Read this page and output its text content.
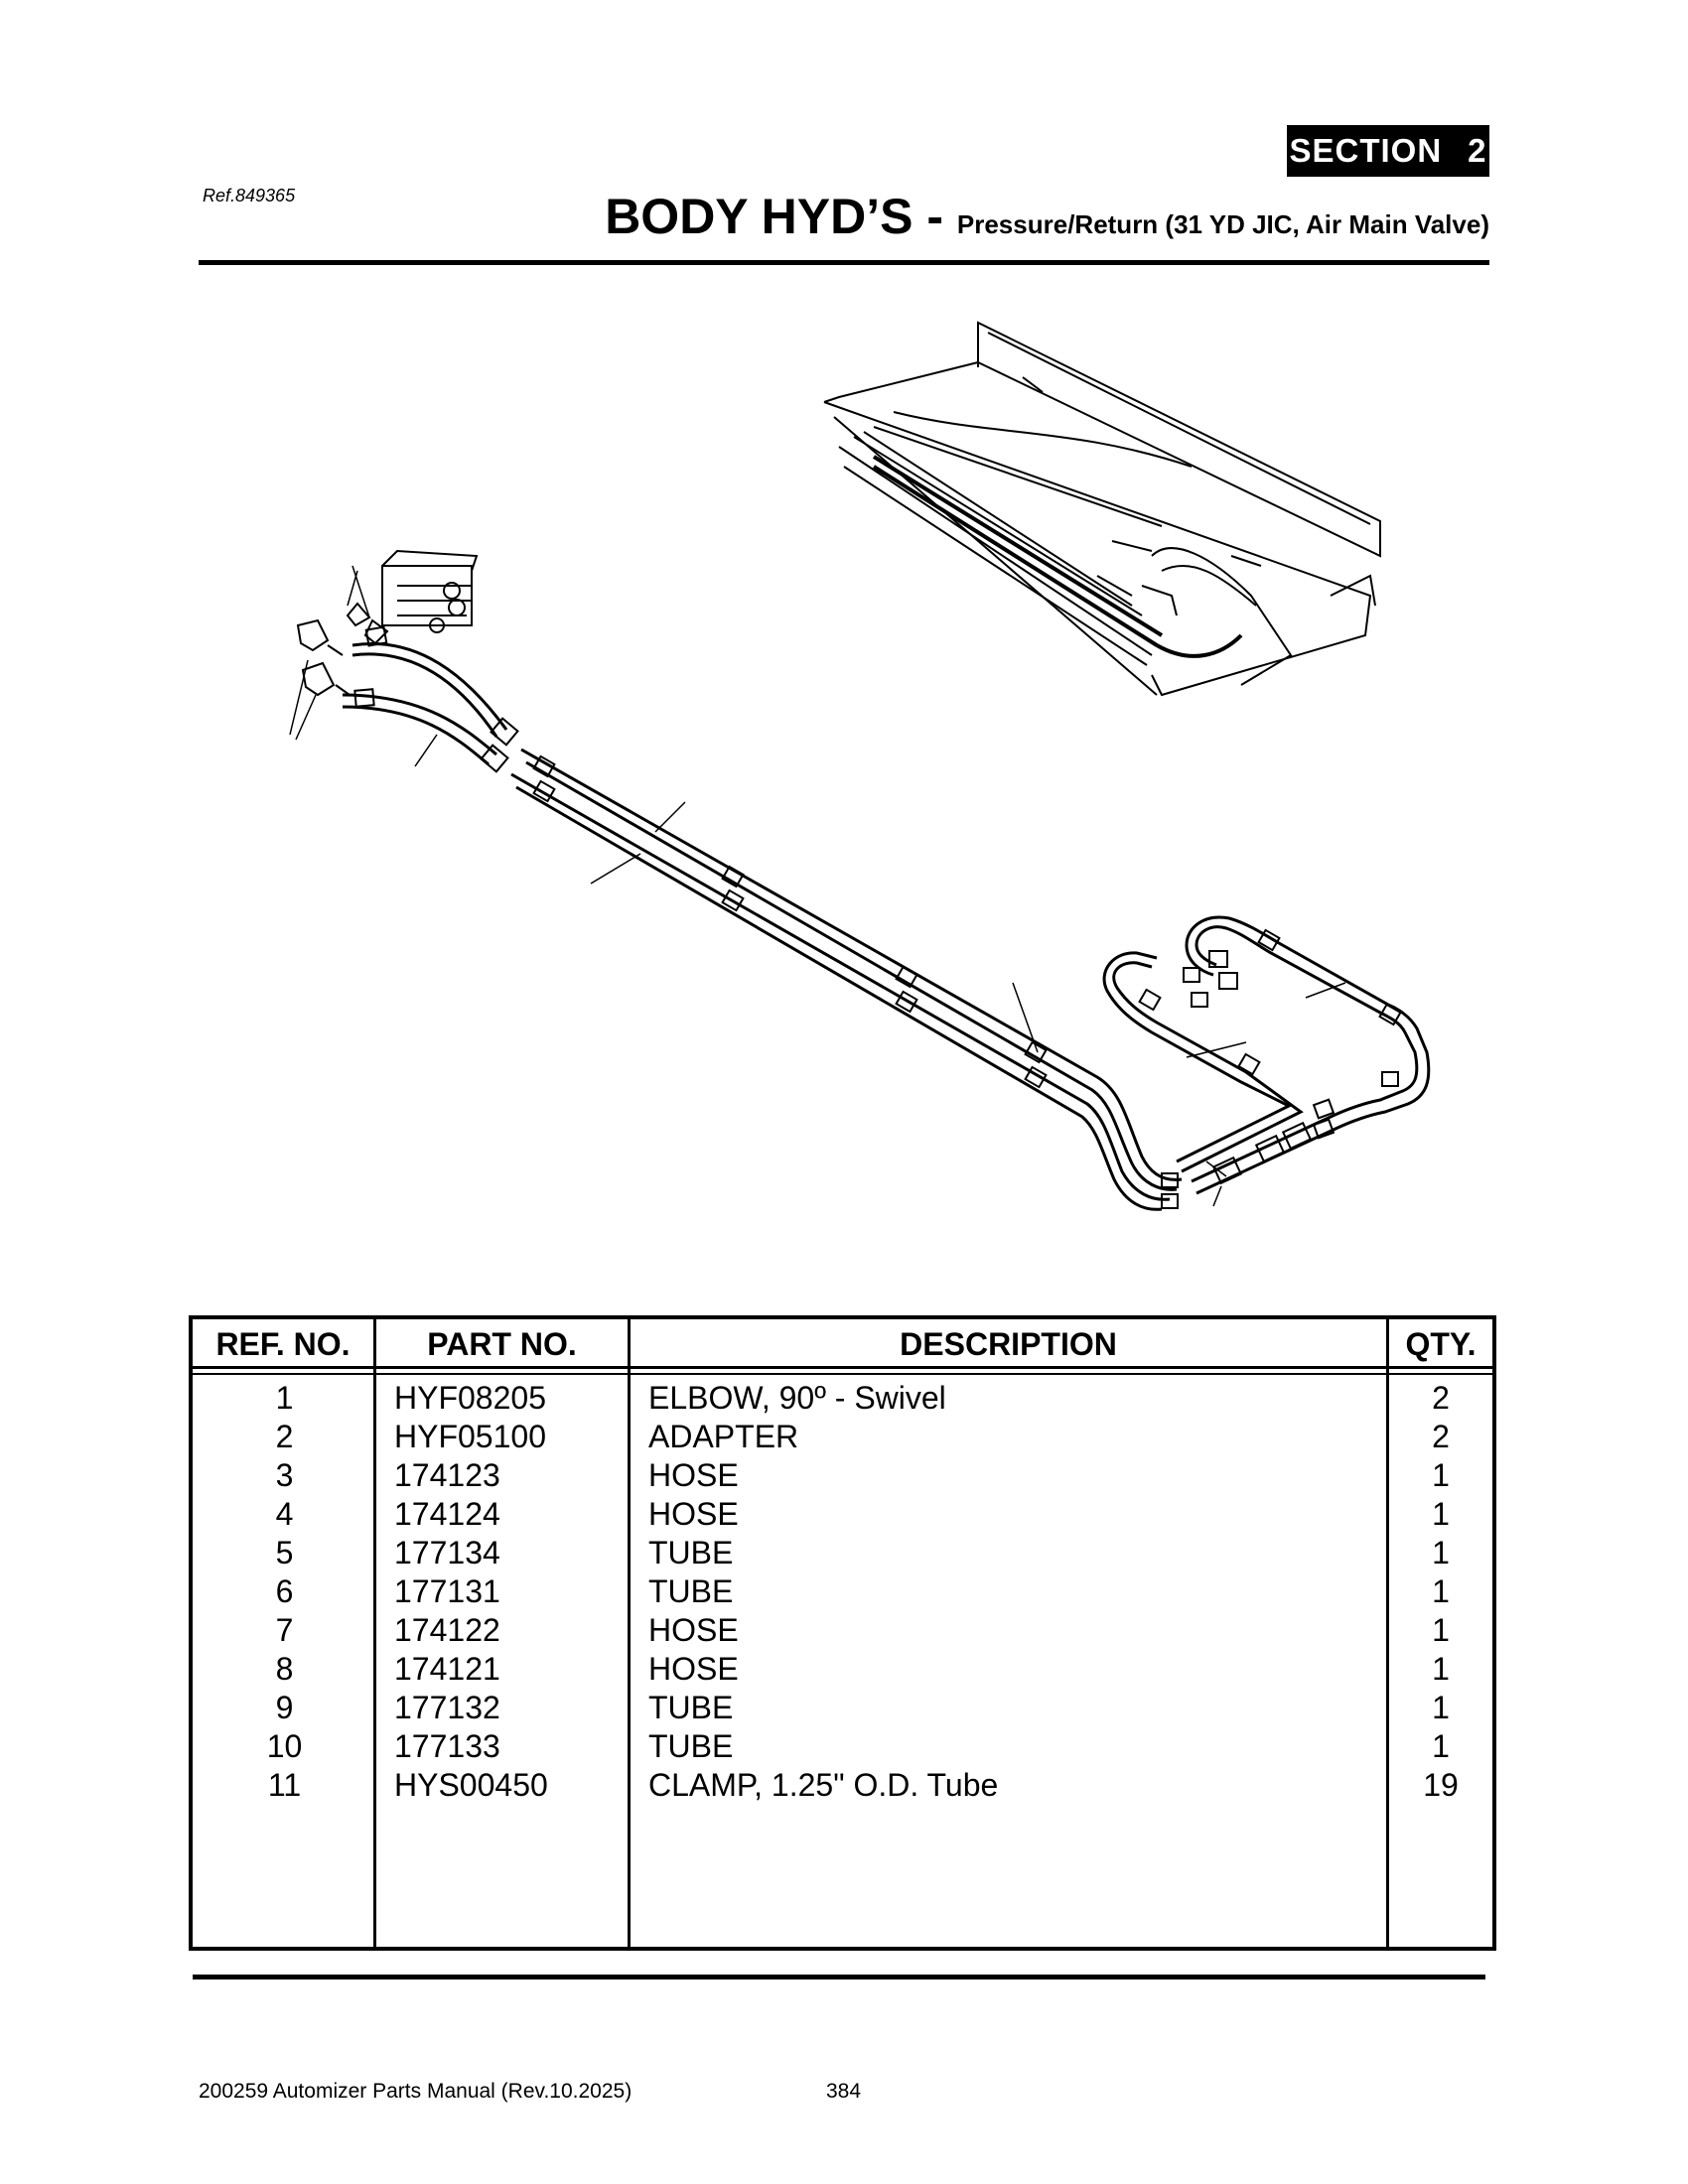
SECTION 2
Ref.849365	BODY HYD’S - Pressure/Return (31 YD JIC, Air Main Valve)
REF. NO.	PART NO.	DESCRIPTION	QTY.
1	HYF08205	ELBOW, 90º - Swivel	2
2	HYF05100	ADAPTER	2
3	174123	HOSE	1
4	174124	HOSE	1
5	177134	TUBE	1
6	177131	TUBE	1
7	174122	HOSE	1
8	174121	HOSE	1
9	177132	TUBE	1
10	177133	TUBE	1
11	HYS00450	CLAMP, 1.25" O.D. Tube	19
200259 Automizer Parts Manual (Rev.10.2025)	384
